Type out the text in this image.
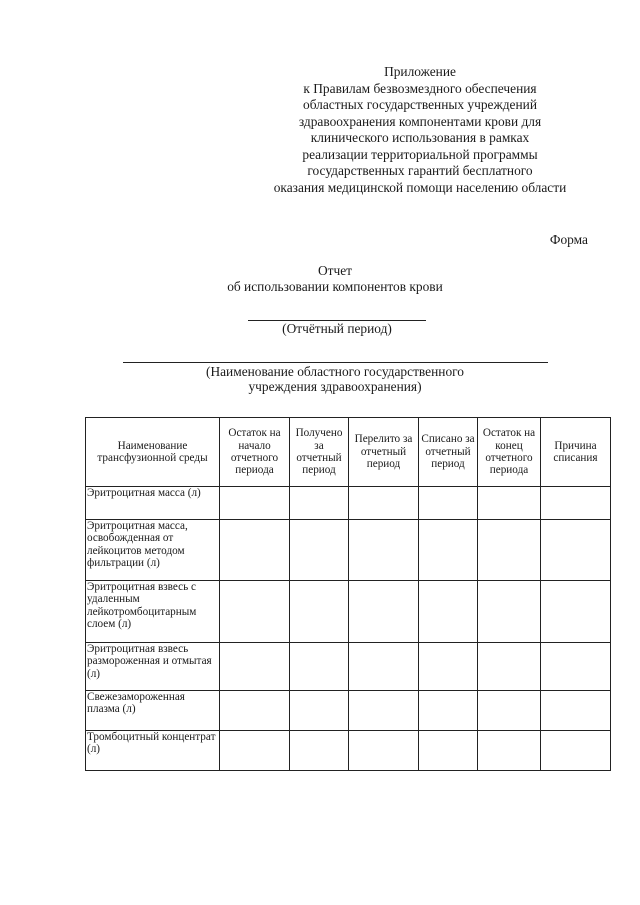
Приложение
к Правилам безвозмездного обеспечения
областных государственных учреждений
здравоохранения компонентами крови для
клинического использования в рамках
реализации территориальной программы
государственных гарантий бесплатного
оказания медицинской помощи населению области
Форма
Отчет
об использовании компонентов крови
(Отчётный период)
(Наименование областного государственного
учреждения здравоохранения)
Наименование трансфузионной среды	Остаток на начало отчетного периода	Получено за отчетный период	Перелито за отчетный период	Списано за отчетный период	Остаток на конец отчетного периода	Причина списания

Эритроцитная масса (л)						
Эритроцитная масса, освобожденная от лейкоцитов методом фильтрации (л)						
Эритроцитная взвесь с удаленным лейкотромбоцитарным слоем (л)						
Эритроцитная взвесь размороженная и отмытая (л)						
Свежезамороженная плазма (л)						
Тромбоцитный концентрат (л)						
